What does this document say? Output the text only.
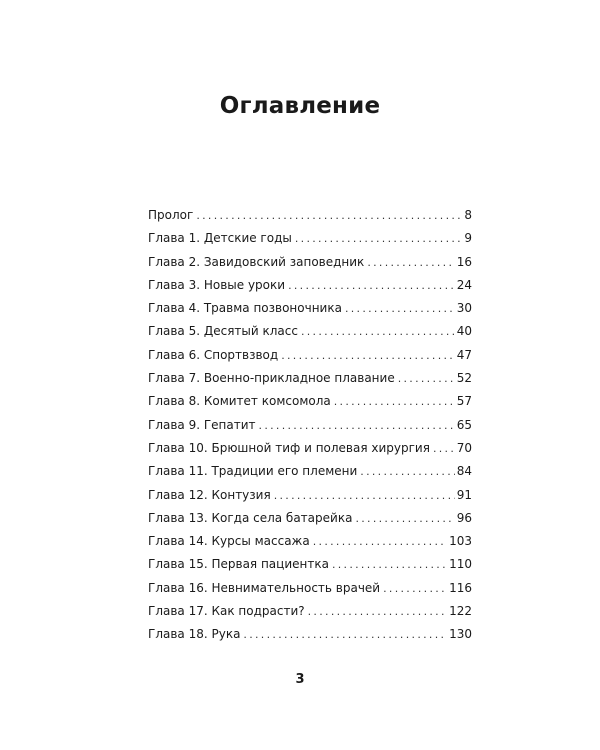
Оглавление
Пролог .....	8
Глава 1. Детские годы .....	9
Глава 2. Завидовский заповедник .....	16
Глава 3. Новые уроки .....	24
Глава 4. Травма позвоночника .....	30
Глава 5. Десятый класс .....	40
Глава 6. Спортвзвод .....	47
Глава 7. Военно-прикладное плавание .....	52
Глава 8. Комитет комсомола .....	57
Глава 9. Гепатит .....	65
Глава 10. Брюшной тиф и полевая хирургия ..... 70
Глава 11. Традиции его племени .....	84
Глава 12. Контузия .....	91
Глава 13. Когда села батарейка .....	96
Глава 14. Курсы массажа .....	103
Глава 15. Первая пациентка .....	110
Глава 16. Невнимательность врачей .....	116
Глава 17. Как подрасти? .....	122
Глава 18. Рука .....	130
3
